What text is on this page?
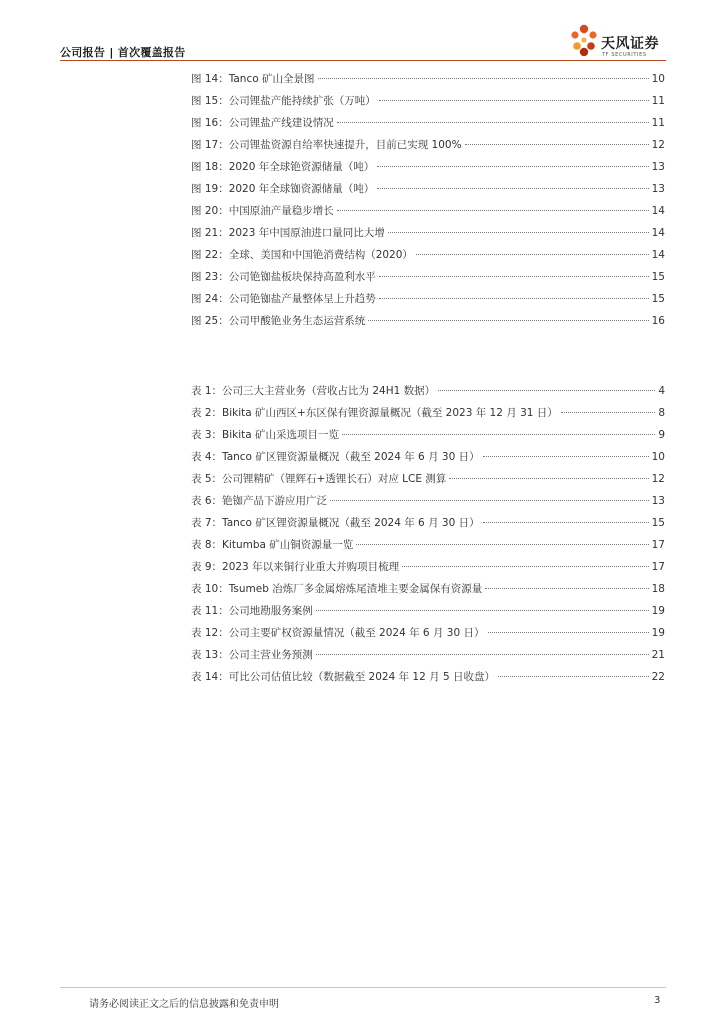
公司报告 | 首次覆盖报告
天风证券
TF SECURITIES
图 14：Tanco 矿山全景图	10
图 15：公司锂盐产能持续扩张（万吨）	11
图 16：公司锂盐产线建设情况	11
图 17：公司锂盐资源自给率快速提升，目前已实现 100%	12
图 18：2020 年全球铯资源储量（吨）	13
图 19：2020 年全球铷资源储量（吨）	13
图 20：中国原油产量稳步增长	14
图 21：2023 年中国原油进口量同比大增	14
图 22：全球、美国和中国铯消费结构（2020）	14
图 23：公司铯铷盐板块保持高盈利水平	15
图 24：公司铯铷盐产量整体呈上升趋势	15
图 25：公司甲酸铯业务生态运营系统	16
表 1：公司三大主营业务（营收占比为 24H1 数据）	4
表 2：Bikita 矿山西区+东区保有锂资源量概况（截至 2023 年 12 月 31 日）	8
表 3：Bikita 矿山采选项目一览	9
表 4：Tanco 矿区锂资源量概况（截至 2024 年 6 月 30 日）	10
表 5：公司锂精矿（锂辉石+透锂长石）对应 LCE 测算	12
表 6：铯铷产品下游应用广泛	13
表 7：Tanco 矿区锂资源量概况（截至 2024 年 6 月 30 日）	15
表 8：Kitumba 矿山铜资源量一览	17
表 9：2023 年以来铜行业重大并购项目梳理	17
表 10：Tsumeb 冶炼厂多金属熔炼尾渣堆主要金属保有资源量	18
表 11：公司地勘服务案例	19
表 12：公司主要矿权资源量情况（截至 2024 年 6 月 30 日）	19
表 13：公司主营业务预测	21
表 14：可比公司估值比较（数据截至 2024 年 12 月 5 日收盘）	22
请务必阅读正文之后的信息披露和免责申明	3
